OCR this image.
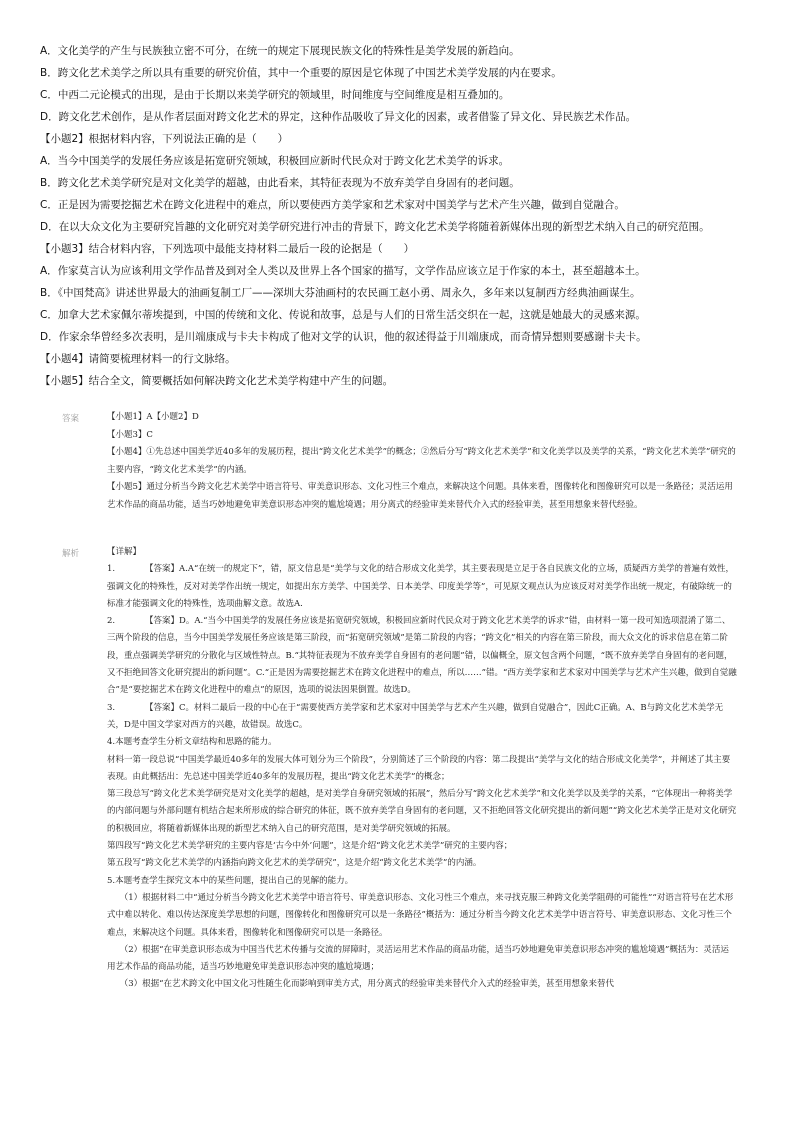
A．文化美学的产生与民族独立密不可分，在统一的规定下展现民族文化的特殊性是美学发展的新趋向。

B．跨文化艺术美学之所以具有重要的研究价值，其中一个重要的原因是它体现了中国艺术美学发展的内在要求。

C．中西二元论模式的出现，是由于长期以来美学研究的领域里，时间维度与空间维度是相互叠加的。

D．跨文化艺术创作，是从作者层面对跨文化艺术的界定，这种作品吸收了异文化的因素，或者借鉴了异文化、异民族艺术作品。

【小题2】根据材料内容，下列说法正确的是（　　）

A．当今中国美学的发展任务应该是拓宽研究领域，积极回应新时代民众对于跨文化艺术美学的诉求。

B．跨文化艺术美学研究是对文化美学的超越，由此看来，其特征表现为不放弃美学自身固有的老问题。

C．正是因为需要挖掘艺术在跨文化进程中的难点，所以要使西方美学家和艺术家对中国美学与艺术产生兴趣，做到自觉融合。

D．在以大众文化为主要研究旨趣的文化研究对美学研究进行冲击的背景下，跨文化艺术美学将随着新媒体出现的新型艺术纳入自己的研究范围。

【小题3】结合材料内容，下列选项中最能支持材料二最后一段的论据是（　　）

A．作家莫言认为应该利用文学作品普及到对全人类以及世界上各个国家的描写，文学作品应该立足于作家的本土，甚至超越本土。

B．《中国梵高》讲述世界最大的油画复制工厂——深圳大芬油画村的农民画工赵小勇、周永久，多年来以复制西方经典油画谋生。

C．加拿大艺术家佩尔蒂埃提到，中国的传统和文化、传说和故事，总是与人们的日常生活交织在一起，这就是她最大的灵感来源。

D．作家余华曾经多次表明，是川端康成与卡夫卡构成了他对文学的认识，他的叙述得益于川端康成，而奇情异想则要感谢卡夫卡。

【小题4】请简要梳理材料一的行文脉络。

【小题5】结合全文，简要概括如何解决跨文化艺术美学构建中产生的问题。

答案	【小题1】A【小题2】D

【小题3】C

【小题4】①先总述中国美学近40多年的发展历程，提出“跨文化艺术美学”的概念；②然后分写“跨文化艺术美学”和文化美学以及美学的关系，“跨文化艺术美学”研究的主要内容，“跨文化艺术美学”的内涵。

【小题5】通过分析当今跨文化艺术美学中语言符号、审美意识形态、文化习性三个难点，来解决这个问题。具体来看，图像转化和图像研究可以是一条路径；灵活运用艺术作品的商品功能，适当巧妙地避免审美意识形态冲突的尴尬境遇；用分离式的经验审美来替代介入式的经验审美，甚至用想象来替代经验。

解析	【详解】

1.	【答案】A.A“在统一的规定下”，错，原文信息是“美学与文化的结合形成文化美学，其主要表现是立足于各自民族文化的立场，质疑西方美学的普遍有效性，强调文化的特殊性，反对对美学作出统一规定，如提出东方美学、中国美学、日本美学、印度美学等”，可见原文观点认为应该反对对美学作出统一规定，有破除统一的标准才能强调文化的特殊性，选项曲解文意。故选A.

2.	【答案】D。A.“当今中国美学的发展任务应该是拓宽研究领域，积极回应新时代民众对于跨文化艺术美学的诉求”错，由材料一第一段可知选项混淆了第二、三两个阶段的信息，当今中国美学发展任务应该是第三阶段，而“拓宽研究领域”是第二阶段的内容；“跨文化”相关的内容在第三阶段，而大众文化的诉求信息在第二阶段，重点强调美学研究的分散化与区域性特点。B.“其特征表现为不放弃美学自身固有的老问题”错，以偏概全，原文包含两个问题，“既不放弃美学自身固有的老问题，又不拒绝回答文化研究提出的新问题”。C.“正是因为需要挖掘艺术在跨文化进程中的难点，所以……”错。“西方美学家和艺术家对中国美学与艺术产生兴趣，做到自觉融合”是“要挖掘艺术在跨文化进程中的难点”的原因，选项的说法因果倒置。故选D。

3.	【答案】C。材料二最后一段的中心在于“需要使西方美学家和艺术家对中国美学与艺术产生兴趣，做到自觉融合”，因此C正确。A、B与跨文化艺术美学无关，D是中国文学家对西方的兴趣，故错误。故选C。

4.本题考查学生分析文章结构和思路的能力。

材料一第一段总说“中国美学最近40多年的发展大体可划分为三个阶段”，分别简述了三个阶段的内容：第二段提出“美学与文化的结合形成文化美学”，并阐述了其主要表现。由此概括出：先总述中国美学近40多年的发展历程，提出“跨文化艺术美学”的概念；

第三段总写“跨文化艺术美学研究是对文化美学的超越，是对美学自身研究领域的拓展”，然后分写“跨文化艺术美学”和文化美学以及美学的关系，“它体现出一种将美学的内部问题与外部问题有机结合起来所形成的综合研究的体征，既不放弃美学自身固有的老问题，又不拒绝回答文化研究提出的新问题”“跨文化艺术美学正是对文化研究的积极回应，将随着新媒体出现的新型艺术纳入自己的研究范围，是对美学研究领域的拓展。

第四段写“跨文化艺术美学研究的主要内容是‘古今中外’问题”，这是介绍“跨文化艺术美学”研究的主要内容；

第五段写“跨文化艺术美学的内涵指向跨文化艺术的美学研究”，这是介绍“跨文化艺术美学”的内涵。

5.本题考查学生探究文本中的某些问题，提出自己的见解的能力。

（1）根据材料二中“通过分析当今跨文化艺术美学中语言符号、审美意识形态、文化习性三个难点，来寻找克服三种跨文化美学阻碍的可能性”“对语言符号在艺术形式中难以转化、难以传达深度美学思想的问题，图像转化和图像研究可以是一条路径”概括为：通过分析当今跨文化艺术美学中语言符号、审美意识形态、文化习性三个难点，来解决这个问题。具体来看，图像转化和图像研究可以是一条路径。

（2）根据“在审美意识形态成为中国当代艺术传播与交流的屏障时，灵活运用艺术作品的商品功能，适当巧妙地避免审美意识形态冲突的尴尬境遇”概括为：灵活运用艺术作品的商品功能，适当巧妙地避免审美意识形态冲突的尴尬境遇；

（3）根据“在艺术跨文化中国文化习性随生化而影响到审美方式，用分离式的经验审美来替代介入式的经验审美，甚至用想象来替代
